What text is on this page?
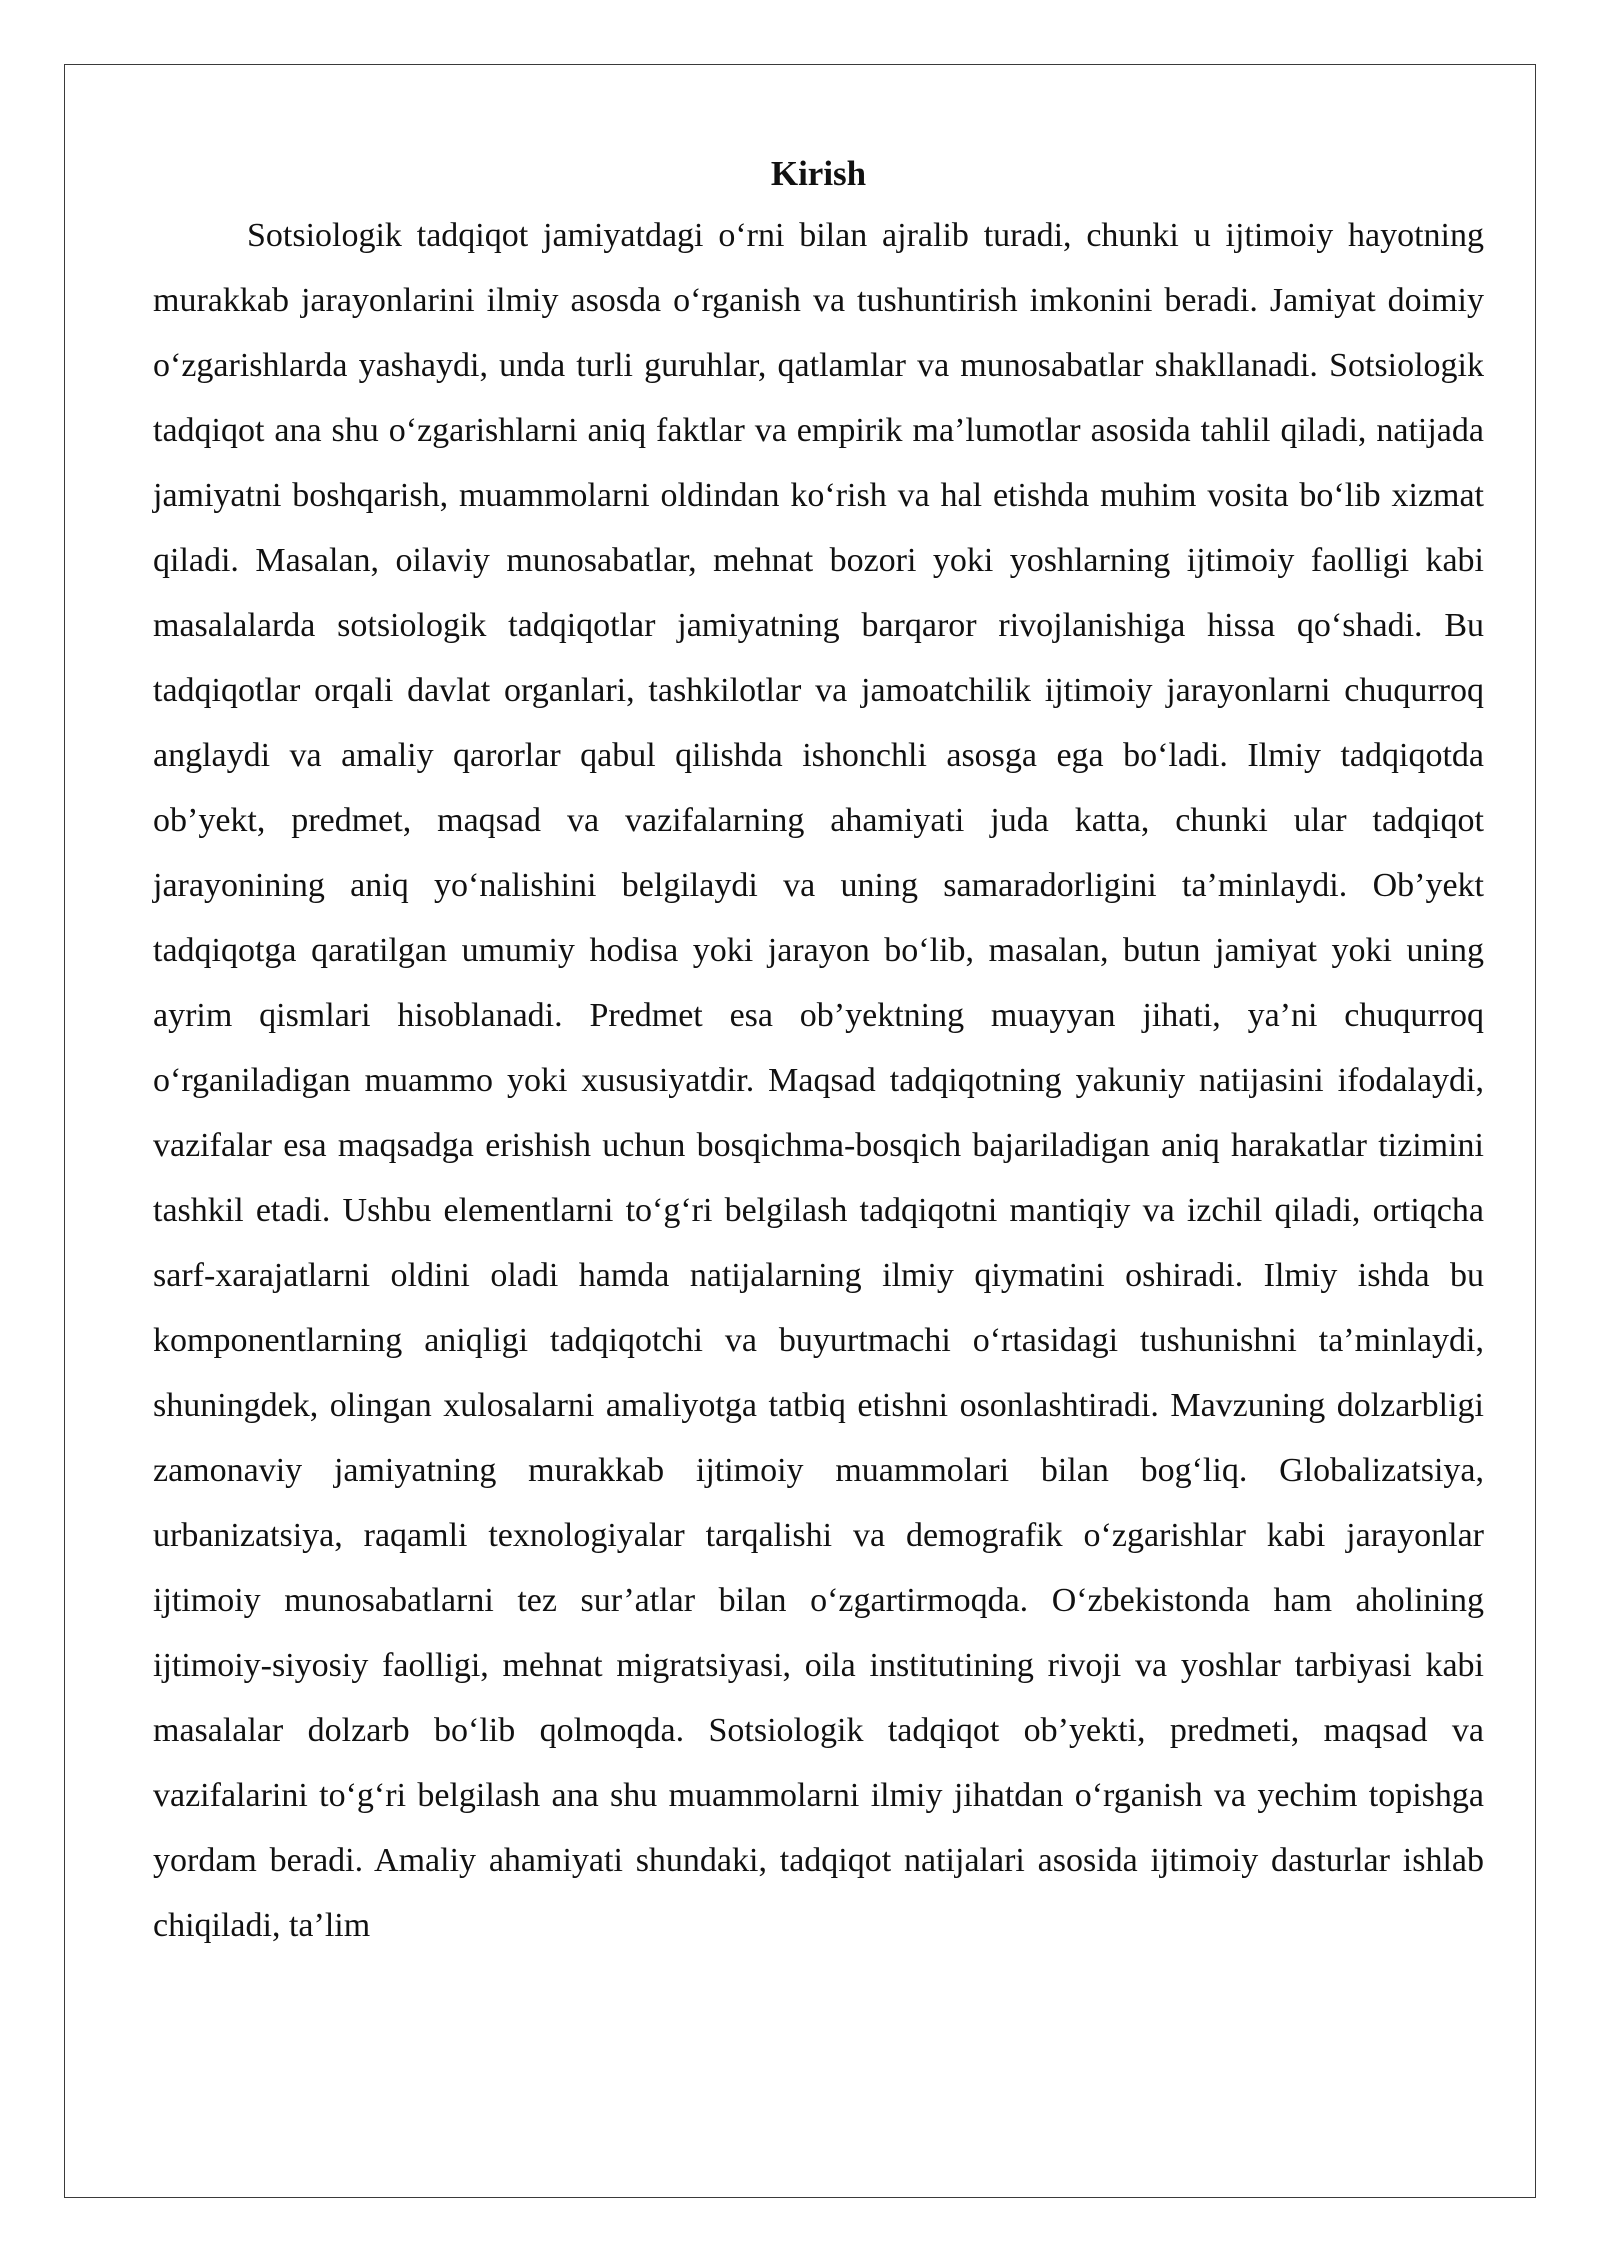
Kirish

Sotsiologik tadqiqot jamiyatdagi o‘rni bilan ajralib turadi, chunki u ijtimoiy hayotning murakkab jarayonlarini ilmiy asosda o‘rganish va tushuntirish imkonini beradi. Jamiyat doimiy o‘zgarishlarda yashaydi, unda turli guruhlar, qatlamlar va munosabatlar shakllanadi. Sotsiologik tadqiqot ana shu o‘zgarishlarni aniq faktlar va empirik ma’lumotlar asosida tahlil qiladi, natijada jamiyatni boshqarish, muammolarni oldindan ko‘rish va hal etishda muhim vosita bo‘lib xizmat qiladi. Masalan, oilaviy munosabatlar, mehnat bozori yoki yoshlarning ijtimoiy faolligi kabi masalalarda sotsiologik tadqiqotlar jamiyatning barqaror rivojlanishiga hissa qo‘shadi. Bu tadqiqotlar orqali davlat organlari, tashkilotlar va jamoatchilik ijtimoiy jarayonlarni chuqurroq anglaydi va amaliy qarorlar qabul qilishda ishonchli asosga ega bo‘ladi. Ilmiy tadqiqotda ob’yekt, predmet, maqsad va vazifalarning ahamiyati juda katta, chunki ular tadqiqot jarayonining aniq yo‘nalishini belgilaydi va uning samaradorligini ta’minlaydi. Ob’yekt tadqiqotga qaratilgan umumiy hodisa yoki jarayon bo‘lib, masalan, butun jamiyat yoki uning ayrim qismlari hisoblanadi. Predmet esa ob’yektning muayyan jihati, ya’ni chuqurroq o‘rganiladigan muammo yoki xususiyatdir. Maqsad tadqiqotning yakuniy natijasini ifodalaydi, vazifalar esa maqsadga erishish uchun bosqichma-bosqich bajariladigan aniq harakatlar tizimini tashkil etadi. Ushbu elementlarni to‘g‘ri belgilash tadqiqotni mantiqiy va izchil qiladi, ortiqcha sarf-xarajatlarni oldini oladi hamda natijalarning ilmiy qiymatini oshiradi. Ilmiy ishda bu komponentlarning aniqligi tadqiqotchi va buyurtmachi o‘rtasidagi tushunishni ta’minlaydi, shuningdek, olingan xulosalarni amaliyotga tatbiq etishni osonlashtiradi. Mavzuning dolzarbligi zamonaviy jamiyatning murakkab ijtimoiy muammolari bilan bog‘liq. Globalizatsiya, urbanizatsiya, raqamli texnologiyalar tarqalishi va demografik o‘zgarishlar kabi jarayonlar ijtimoiy munosabatlarni tez sur’atlar bilan o‘zgartirmoqda. O‘zbekistonda ham aholining ijtimoiy-siyosiy faolligi, mehnat migratsiyasi, oila institutining rivoji va yoshlar tarbiyasi kabi masalalar dolzarb bo‘lib qolmoqda. Sotsiologik tadqiqot ob’yekti, predmeti, maqsad va vazifalarini to‘g‘ri belgilash ana shu muammolarni ilmiy jihatdan o‘rganish va yechim topishga yordam beradi. Amaliy ahamiyati shundaki, tadqiqot natijalari asosida ijtimoiy dasturlar ishlab chiqiladi, ta’lim
